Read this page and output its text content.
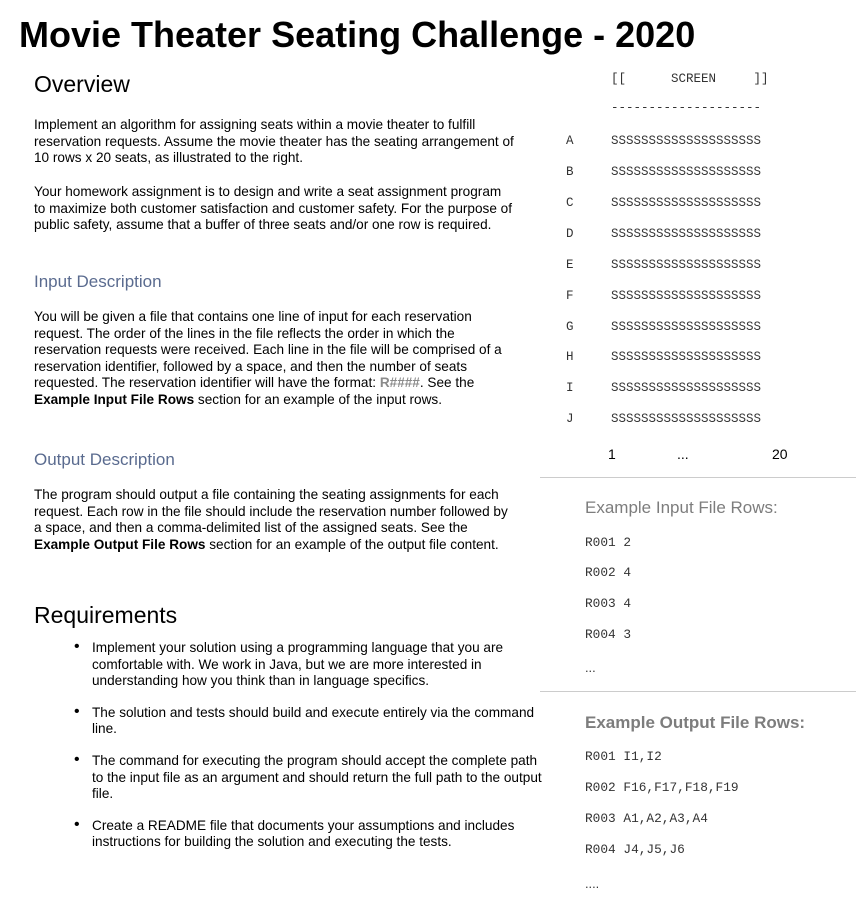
Movie Theater Seating Challenge - 2020
Overview

Implement an algorithm for assigning seats within a movie theater to fulfill reservation requests. Assume the movie theater has the seating arrangement of 10 rows x 20 seats, as illustrated to the right.

Your homework assignment is to design and write a seat assignment program to maximize both customer satisfaction and customer safety. For the purpose of public safety, assume that a buffer of three seats and/or one row is required.

Input Description

You will be given a file that contains one line of input for each reservation request. The order of the lines in the file reflects the order in which the reservation requests were received. Each line in the file will be comprised of a reservation identifier, followed by a space, and then the number of seats requested. The reservation identifier will have the format: R####. See the Example Input File Rows section for an example of the input rows.

Output Description

The program should output a file containing the seating assignments for each request. Each row in the file should include the reservation number followed by a space, and then a comma-delimited list of the assigned seats. See the Example Output File Rows section for an example of the output file content.

Requirements
• Implement your solution using a programming language that you are comfortable with. We work in Java, but we are more interested in understanding how you think than in language specifics.
• The solution and tests should build and execute entirely via the command line.
• The command for executing the program should accept the complete path to the input file as an argument and should return the full path to the output file.
• Create a README file that documents your assumptions and includes instructions for building the solution and executing the tests.
[[      SCREEN     ]]
--------------------
A	SSSSSSSSSSSSSSSSSSSS
B	SSSSSSSSSSSSSSSSSSSS
C	SSSSSSSSSSSSSSSSSSSS
D	SSSSSSSSSSSSSSSSSSSS
E	SSSSSSSSSSSSSSSSSSSS
F	SSSSSSSSSSSSSSSSSSSS
G	SSSSSSSSSSSSSSSSSSSS
H	SSSSSSSSSSSSSSSSSSSS
I	SSSSSSSSSSSSSSSSSSSS
J	SSSSSSSSSSSSSSSSSSSS
1	...	20
Example Input File Rows:
R001 2
R002 4
R003 4
R004 3
...
Example Output File Rows:
R001 I1,I2
R002 F16,F17,F18,F19
R003 A1,A2,A3,A4
R004 J4,J5,J6
....
